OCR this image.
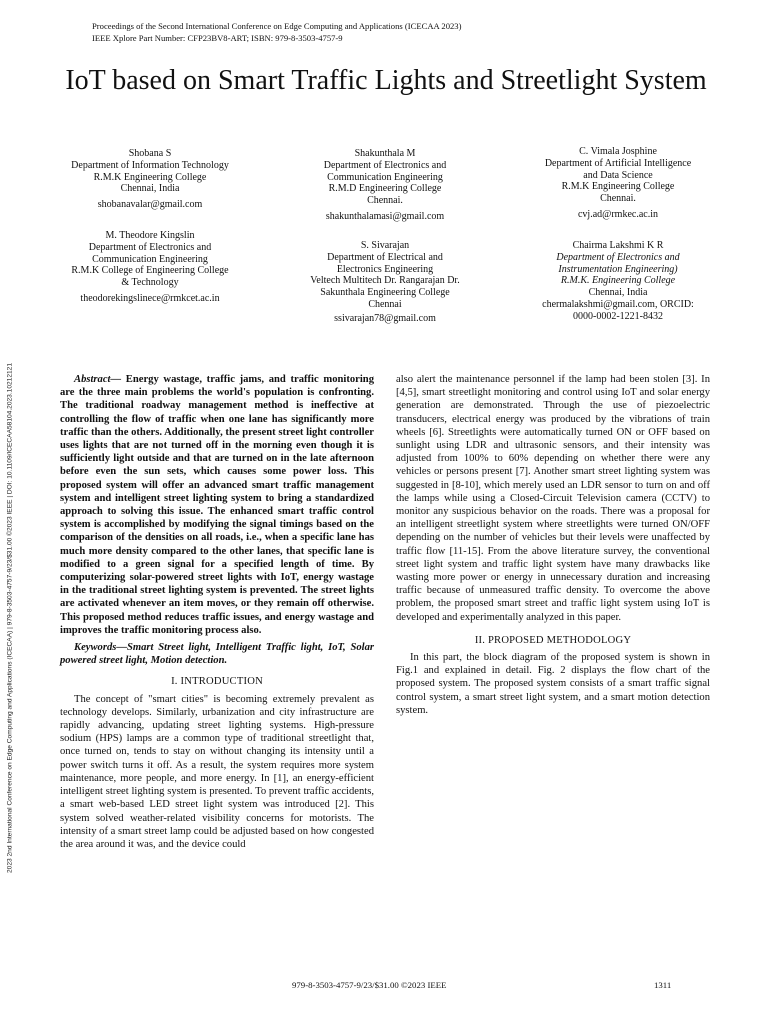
Proceedings of the Second International Conference on Edge Computing and Applications (ICECAA 2023)
IEEE Xplore Part Number: CFP23BV8-ART; ISBN: 979-8-3503-4757-9
IoT based on Smart Traffic Lights and Streetlight System
Shobana S
Department of Information Technology
R.M.K Engineering College
Chennai, India
shobanavalar@gmail.com
Shakunthala M
Department of Electronics and
Communication Engineering
R.M.D Engineering College
Chennai.
shakunthalamasi@gmail.com
C. Vimala Josphine
Department of Artificial Intelligence
and Data Science
R.M.K Engineering College
Chennai.
cvj.ad@rmkec.ac.in
M. Theodore Kingslin
Department of Electronics and
Communication Engineering
R.M.K College of Engineering College
& Technology
theodorekingslinece@rmkcet.ac.in
S. Sivarajan
Department of Electrical and
Electronics Engineering
Veltech Multitech Dr. Rangarajan Dr.
Sakunthala Engineering College
Chennai
ssivarajan78@gmail.com
Chairma Lakshmi K R
Department of Electronics and
Instrumentation Engineering)
R.M.K. Engineering College
Chennai, India
chermalakshmi@gmail.com, ORCID:
0000-0002-1221-8432

Abstract— Energy wastage, traffic jams, and traffic monitoring are the three main problems the world's population is confronting. The traditional roadway management method is ineffective at controlling the flow of traffic when one lane has significantly more traffic than the others. Additionally, the present street light controller uses lights that are not turned off in the morning even though it is sufficiently light outside and that are turned on in the late afternoon before even the sun sets, which causes some power loss. This proposed system will offer an advanced smart traffic management system and intelligent street lighting system to bring a standardized approach to solving this issue. The enhanced smart traffic control system is accomplished by modifying the signal timings based on the comparison of the densities on all roads, i.e., when a specific lane has much more density compared to the other lanes, that specific lane is modified to a green signal for a specified length of time. By computerizing solar-powered street lights with IoT, energy wastage in the traditional street lighting system is prevented. The street lights are activated whenever an item moves, or they remain off otherwise. This proposed method reduces traffic issues, and energy wastage and improves the traffic monitoring process also.

Keywords—Smart Street light, Intelligent Traffic light, IoT, Solar powered street light, Motion detection.

I. INTRODUCTION

The concept of "smart cities" is becoming extremely prevalent as technology develops. Similarly, urbanization and city infrastructure are rapidly advancing, updating street lighting systems. High-pressure sodium (HPS) lamps are a common type of traditional streetlight that, once turned on, tends to stay on without changing its intensity until a power switch turns it off. As a result, the system requires more system maintenance, more people, and more energy. In [1], an energy-efficient intelligent street lighting system is presented. To prevent traffic accidents, a smart web-based LED street light system was introduced [2]. This system solved weather-related visibility concerns for motorists. The intensity of a smart street lamp could be adjusted based on how congested the area around it was, and the device could

also alert the maintenance personnel if the lamp had been stolen [3]. In [4,5], smart streetlight monitoring and control using IoT and solar energy generation are demonstrated. Through the use of piezoelectric transducers, electrical energy was produced by the vibrations of train wheels [6]. Streetlights were automatically turned ON or OFF based on sunlight using LDR and ultrasonic sensors, and their intensity was adjusted from 100% to 60% depending on whether there were any vehicles or persons present [7]. Another smart street lighting system was suggested in [8-10], which merely used an LDR sensor to turn on and off the lamps while using a Closed-Circuit Television camera (CCTV) to monitor any suspicious behavior on the roads. There was a proposal for an intelligent streetlight system where streetlights were turned ON/OFF depending on the number of vehicles but their levels were unaffected by traffic flow [11-15]. From the above literature survey, the conventional street light system and traffic light system have many drawbacks like wasting more power or energy in unnecessary duration and increasing traffic because of unmeasured traffic density. To overcome the above problem, the proposed smart street and traffic light system using IoT is developed and experimentally analyzed in this paper.

II. PROPOSED METHODOLOGY

In this part, the block diagram of the proposed system is shown in Fig.1 and explained in detail. Fig. 2 displays the flow chart of the proposed system. The proposed system consists of a smart traffic signal control system, a smart street light system, and a smart motion detection system.

2023 2nd International Conference on Edge Computing and Applications (ICECAA) | 979-8-3503-4757-9/23/$31.00 ©2023 IEEE | DOI: 10.1109/ICECAA58104.2023.10212121
979-8-3503-4757-9/23/$31.00 ©2023 IEEE	1311
